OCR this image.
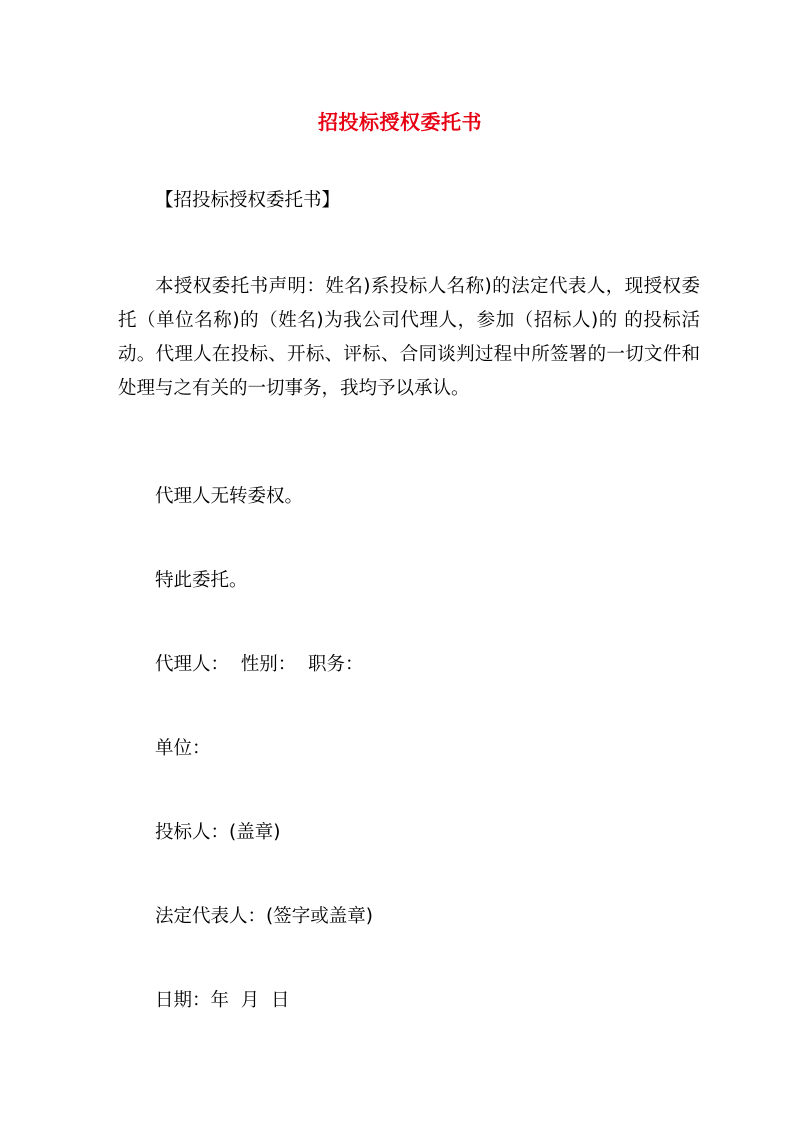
招投标授权委托书
【招投标授权委托书】
本授权委托书声明：姓名)系投标人名称)的法定代表人，现授权委托（单位名称)的（姓名)为我公司代理人，参加（招标人)的 的投标活动。代理人在投标、开标、评标、合同谈判过程中所签署的一切文件和处理与之有关的一切事务，我均予以承认。
代理人无转委权。
特此委托。
代理人：  性别：  职务：
单位：
投标人：(盖章)
法定代表人：(签字或盖章)
日期：年  月  日
